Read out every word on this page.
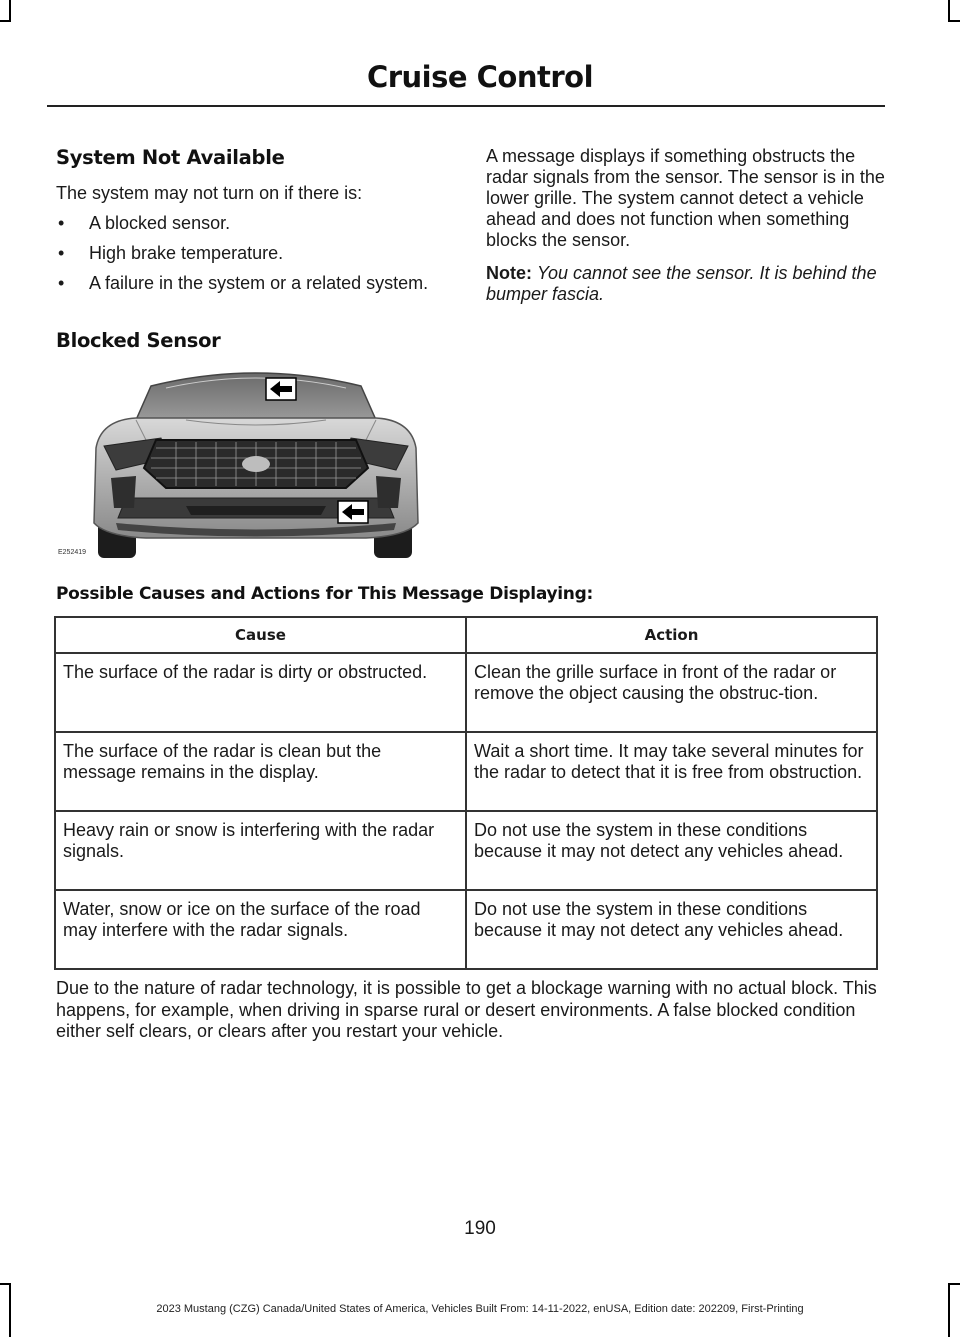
Cruise Control
System Not Available

The system may not turn on if there is:

• A blocked sensor.
• High brake temperature.
• A failure in the system or a related system.
Blocked Sensor

A message displays if something obstructs the radar signals from the sensor. The sensor is in the lower grille. The system cannot detect a vehicle ahead and does not function when something blocks the sensor.

Note: You cannot see the sensor. It is behind the bumper fascia.

E252419
Possible Causes and Actions for This Message Displaying:
Cause	Action
The surface of the radar is dirty or obstructed.	Clean the grille surface in front of the radar or remove the object causing the obstruc-tion.
The surface of the radar is clean but the message remains in the display.	Wait a short time. It may take several minutes for the radar to detect that it is free from obstruction.
Heavy rain or snow is interfering with the radar signals.	Do not use the system in these conditions because it may not detect any vehicles ahead.
Water, snow or ice on the surface of the road may interfere with the radar signals.	Do not use the system in these conditions because it may not detect any vehicles ahead.

Due to the nature of radar technology, it is possible to get a blockage warning with no actual block. This happens, for example, when driving in sparse rural or desert environments. A false blocked condition either self clears, or clears after you restart your vehicle.

190
2023 Mustang (CZG) Canada/United States of America, Vehicles Built From: 14-11-2022, enUSA, Edition date: 202209, First-Printing
